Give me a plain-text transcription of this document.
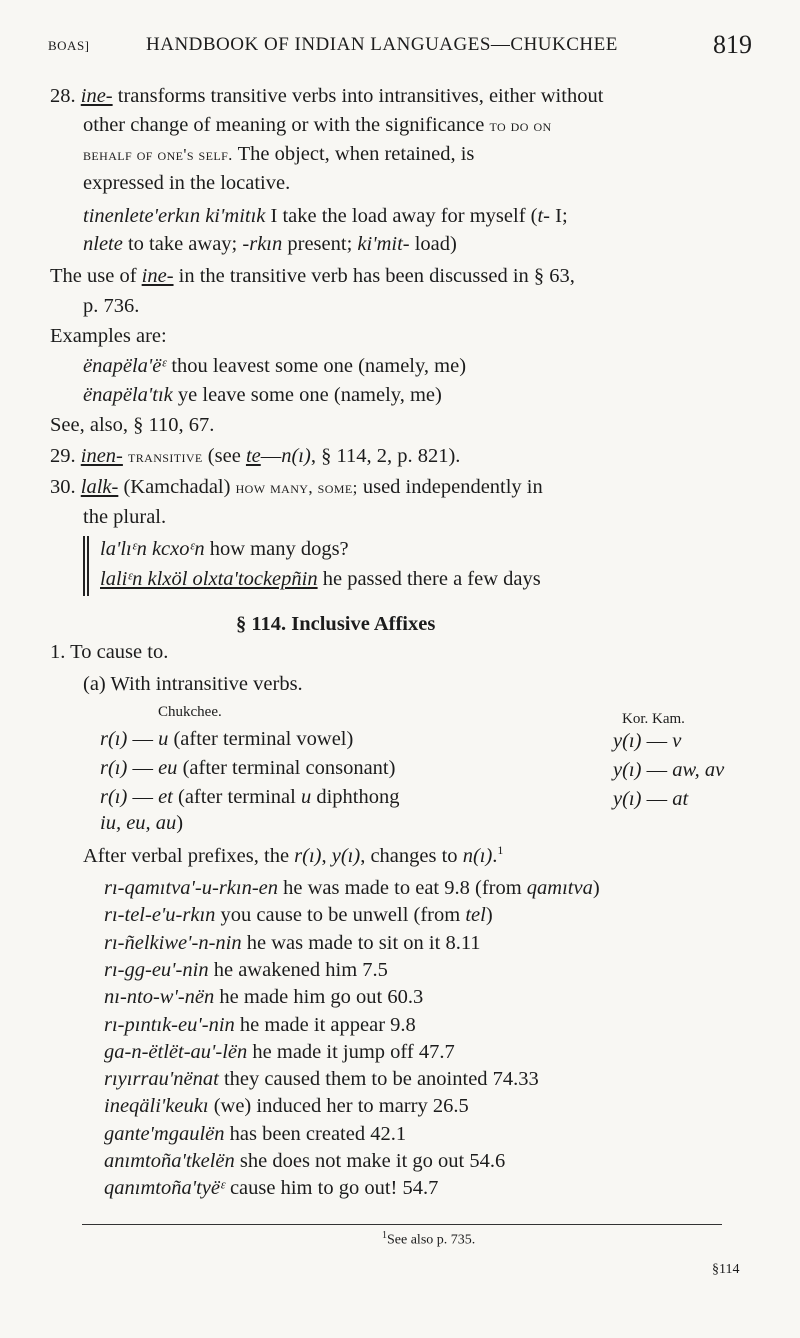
BOAS]	HANDBOOK OF INDIAN LANGUAGES—CHUKCHEE	819
28. ine- transforms transitive verbs into intransitives, either without
other change of meaning or with the significance to do on
behalf of one's self. The object, when retained, is
expressed in the locative.
tinenlete'erkın ki'mitık I take the load away for myself (t- I;
nlete to take away; -rkın present; ki'mit- load)
The use of ine- in the transitive verb has been discussed in § 63,
p. 736.
Examples are:
ënapëla'ëᵋ thou leavest some one (namely, me)
ënapëla'tık ye leave some one (namely, me)
See, also, § 110, 67.
29. inen- transitive (see te—n(ı), § 114, 2, p. 821).
30. lalk- (Kamchadal) how many, some; used independently in
the plural.
la'lıᵋn kcxoᵋn how many dogs?
laliᵋn klxöl olxta'tockepñin he passed there a few days
§ 114. Inclusive Affixes
1. To cause to.
(a) With intransitive verbs.
Chukchee.	Kor. Kam.
r(ı) — u (after terminal vowel)	y(ı) — v
r(ı) — eu (after terminal consonant)	y(ı) — aw, av
r(ı) — et (after terminal u diphthong	y(ı) — at
iu, eu, au)
After verbal prefixes, the r(ı), y(ı), changes to n(ı).$^1$
rı-qamıtva'-u-rkın-en he was made to eat 9.8 (from qamıtva)
rı-tel-e'u-rkın you cause to be unwell (from tel)
rı-ñelkiwe'-n-nin he was made to sit on it 8.11
rı-gg-eu'-nin he awakened him 7.5
nı-nto-w'-nën he made him go out 60.3
rı-pıntık-eu'-nin he made it appear 9.8
ga-n-ëtlët-au'-lën he made it jump off 47.7
rıyırrau'nënat they caused them to be anointed 74.33
ineqäli'keukı (we) induced her to marry 26.5
gante'mgaulën has been created 42.1
anımtoña'tkelën she does not make it go out 54.6
qanımtoña'tyëᵋ cause him to go out! 54.7
$^1$See also p. 735.
§114
